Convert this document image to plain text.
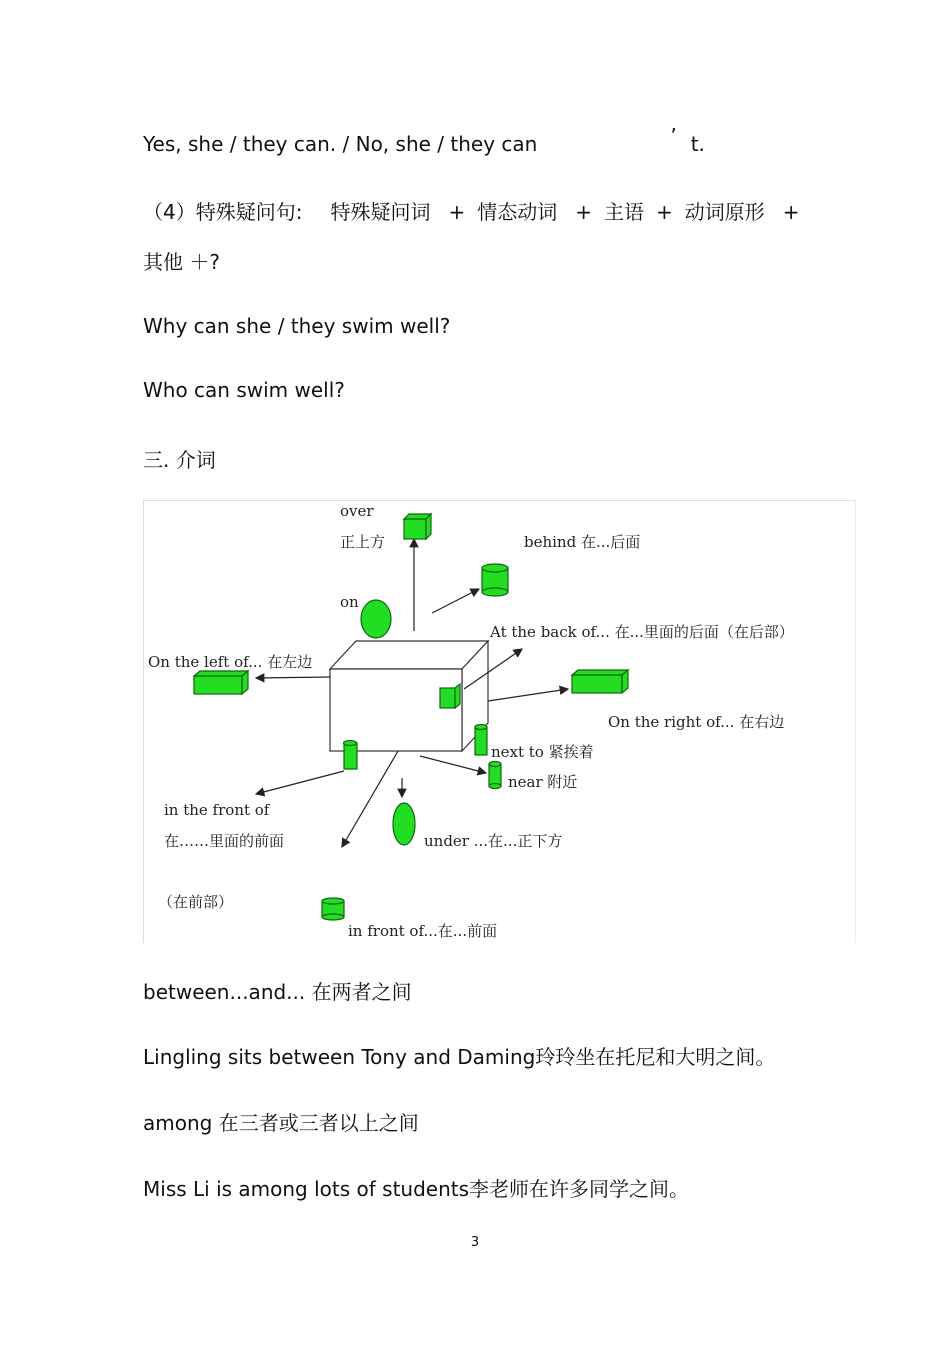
Yes, she / they can. / No, she / they can	’ t.
（4）特殊疑问句: 特殊疑问词 + 情态动词 + 主语 + 动词原形 +
其他 ＋?
Why can she / they swim well?
Who can swim well?
三. 介词
over
正上方	behind 在...后面
on
At the back of... 在...里面的后面（在后部）
On the left of... 在左边
On the right of... 在右边
next to 紧挨着
near 附近
in the front of
在……里面的前面
（在前部）
under ...在...正下方
in front of...在...前面
between...and... 在两者之间
Lingling sits between Tony and Daming玲玲坐在托尼和大明之间。
among 在三者或三者以上之间
Miss Li is among lots of students李老师在许多同学之间。
3
